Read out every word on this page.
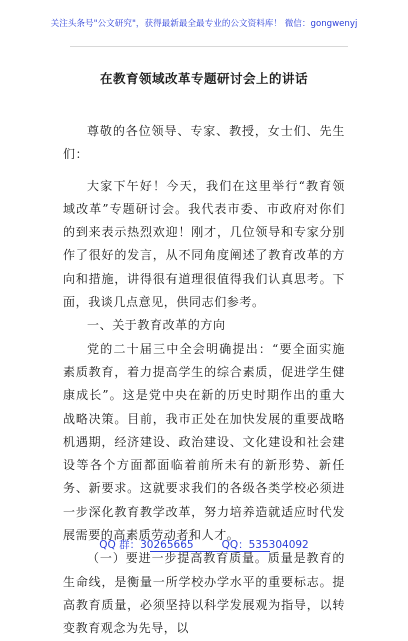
关注头条号"公文研究"，获得最新最全最专业的公文资料库！ 微信：gongwenyj
在教育领域改革专题研讨会上的讲话

尊敬的各位领导、专家、教授，女士们、先生们：

大家下午好！今天，我们在这里举行“教育领域改革”专题研讨会。我代表市委、市政府对你们的到来表示热烈欢迎！刚才，几位领导和专家分别作了很好的发言，从不同角度阐述了教育改革的方向和措施，讲得很有道理很值得我们认真思考。下面，我谈几点意见，供同志们参考。

一、关于教育改革的方向

党的二十届三中全会明确提出：“要全面实施素质教育，着力提高学生的综合素质，促进学生健康成长”。这是党中央在新的历史时期作出的重大战略决策。目前，我市正处在加快发展的重要战略机遇期，经济建设、政治建设、文化建设和社会建设等各个方面都面临着前所未有的新形势、新任务、新要求。这就要求我们的各级各类学校必须进一步深化教育教学改革，努力培养造就适应时代发展需要的高素质劳动者和人才。

（一）要进一步提高教育质量。质量是教育的生命线，是衡量一所学校办学水平的重要标志。提高教育质量，必须坚持以科学发展观为指导，以转变教育观念为先导，以

QQ 群：30265665	QQ：535304092
